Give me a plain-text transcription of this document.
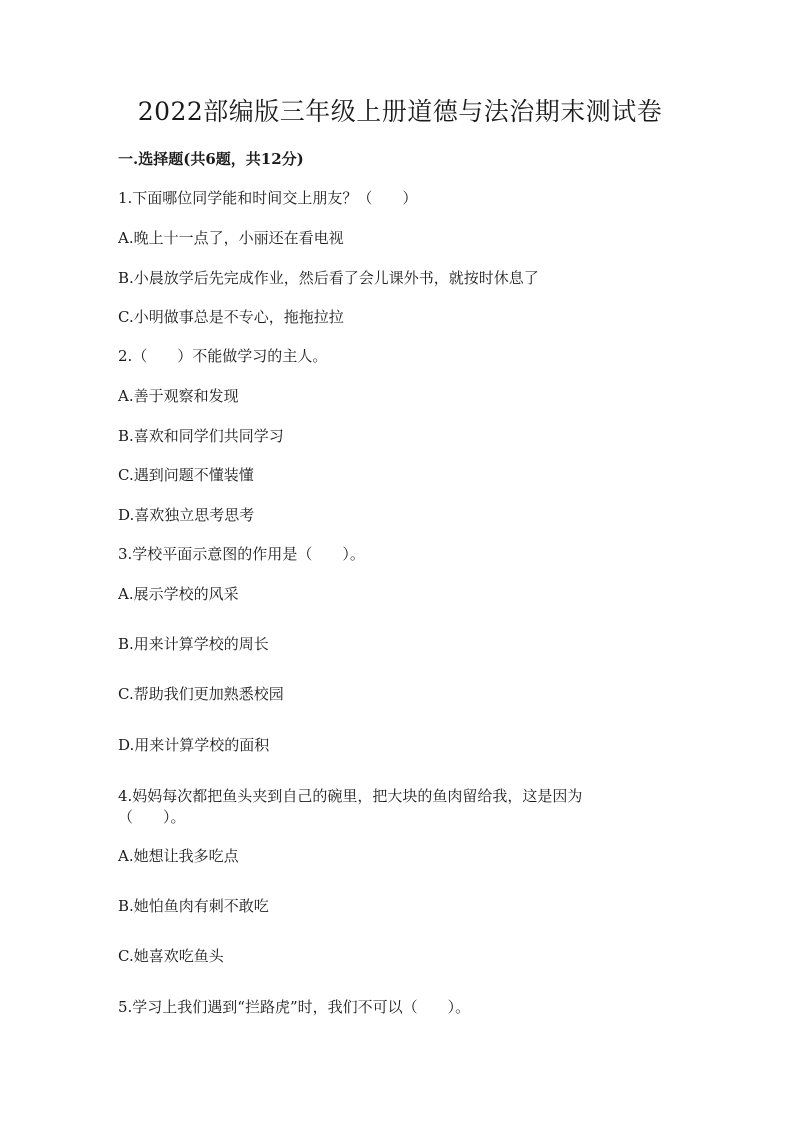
2022部编版三年级上册道德与法治期末测试卷
一.选择题(共6题，共12分)
1.下面哪位同学能和时间交上朋友？（　　）
A.晚上十一点了，小丽还在看电视
B.小晨放学后先完成作业，然后看了会儿课外书，就按时休息了
C.小明做事总是不专心，拖拖拉拉
2.（　　）不能做学习的主人。
A.善于观察和发现
B.喜欢和同学们共同学习
C.遇到问题不懂装懂
D.喜欢独立思考思考
3.学校平面示意图的作用是（　　）。
A.展示学校的风采
B.用来计算学校的周长
C.帮助我们更加熟悉校园
D.用来计算学校的面积
4.妈妈每次都把鱼头夹到自己的碗里，把大块的鱼肉留给我，这是因为
（　　）。
A.她想让我多吃点
B.她怕鱼肉有刺不敢吃
C.她喜欢吃鱼头
5.学习上我们遇到“拦路虎”时，我们不可以（　　）。
